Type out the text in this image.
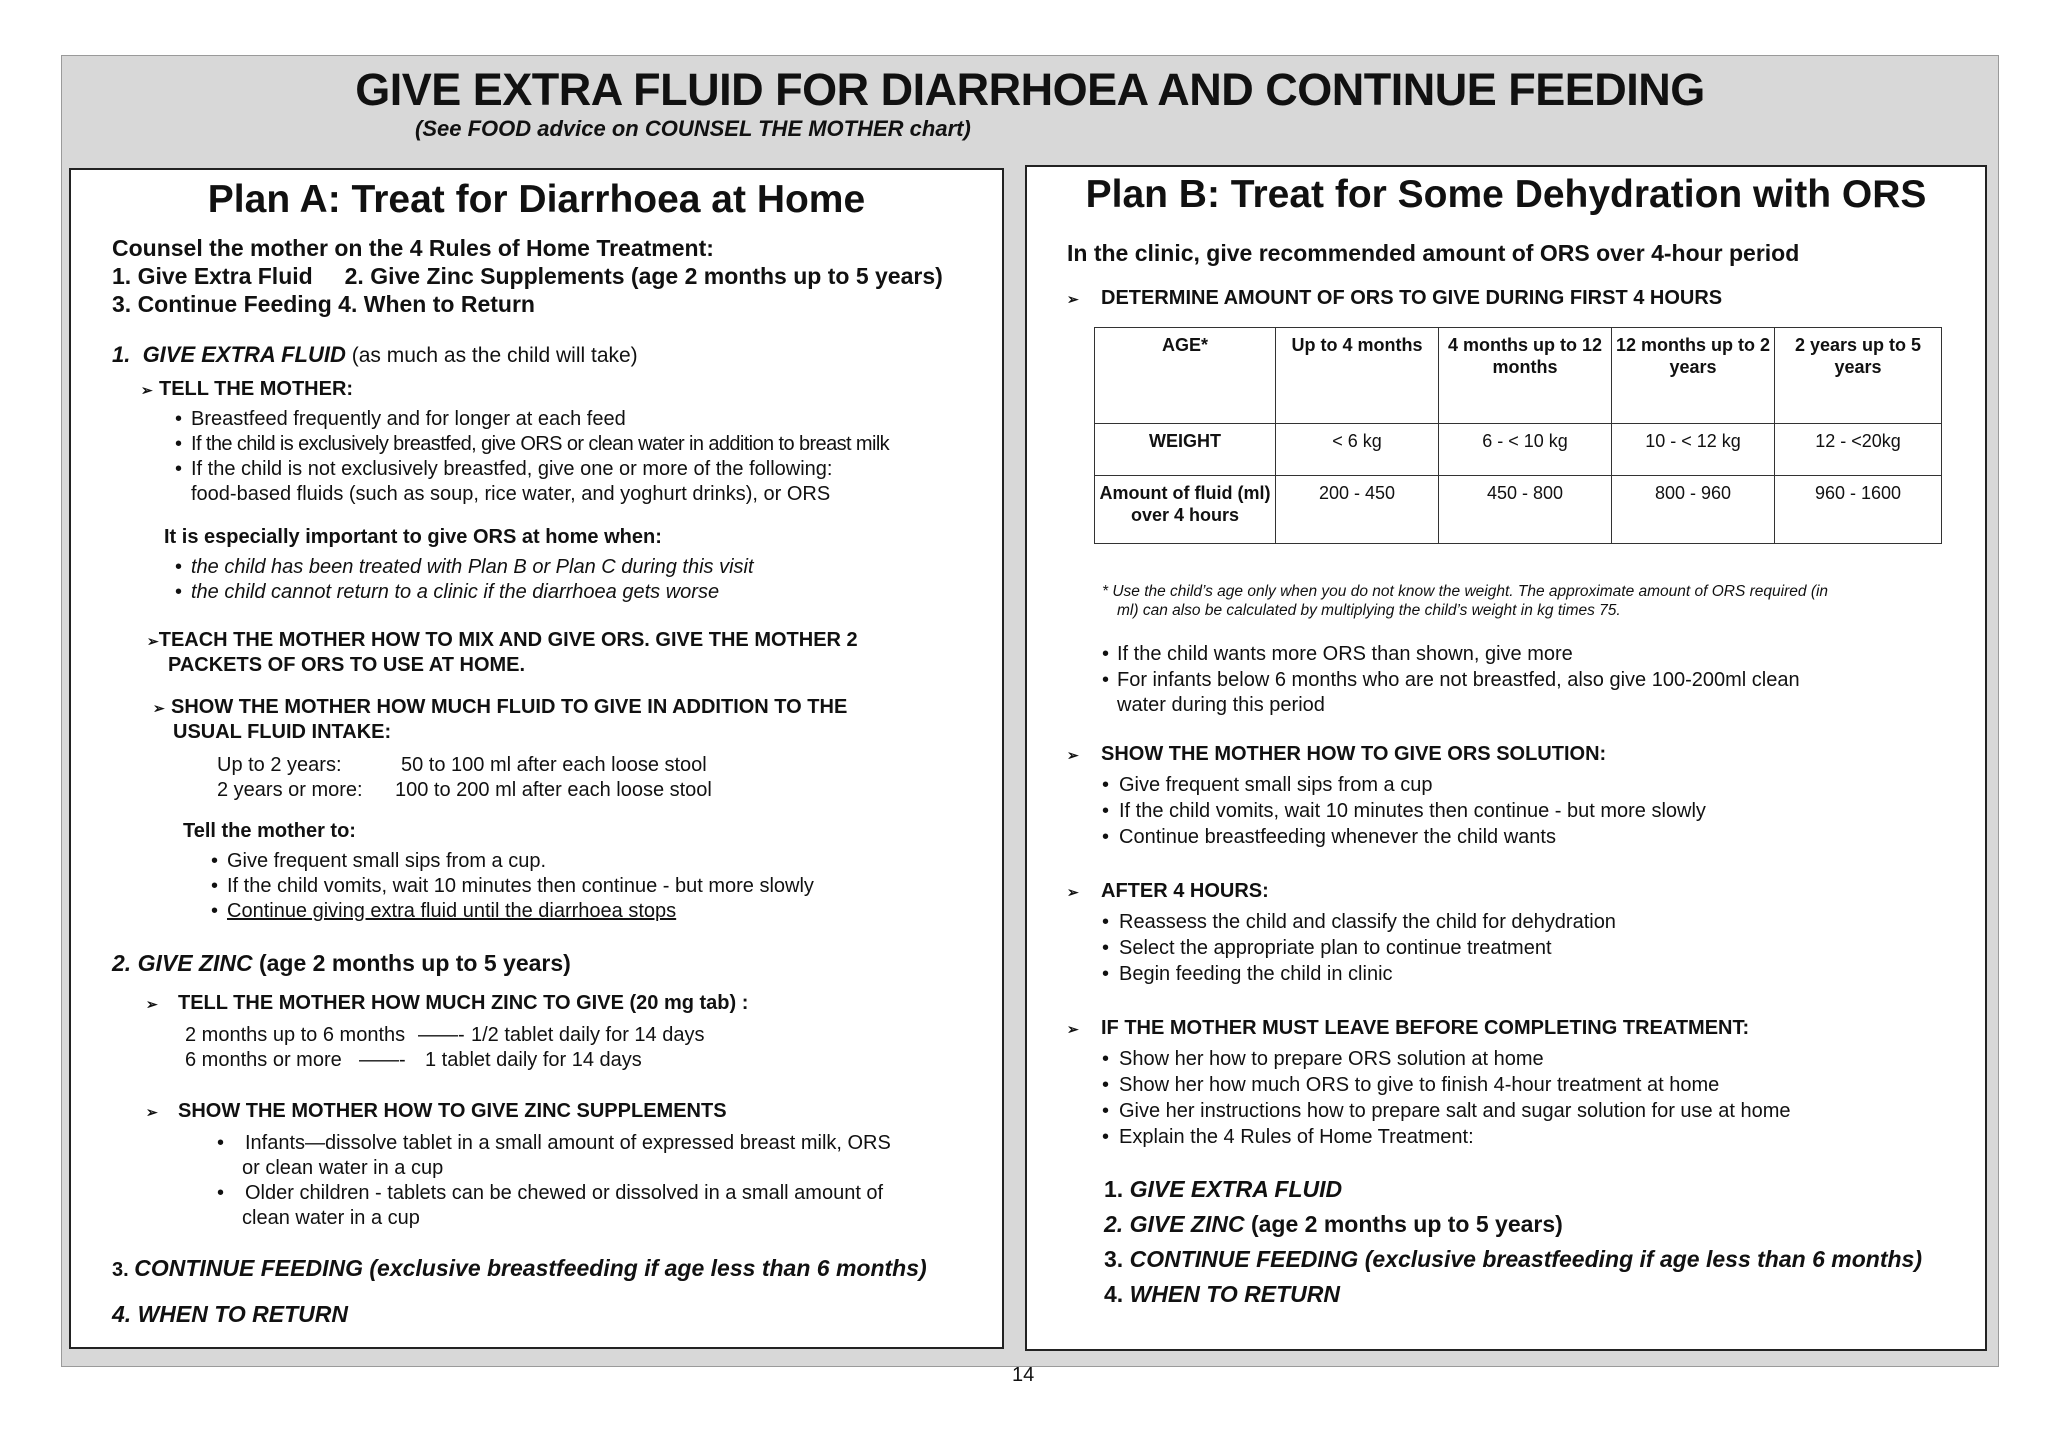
GIVE EXTRA FLUID FOR DIARRHOEA AND CONTINUE FEEDING
(See FOOD advice on COUNSEL THE MOTHER chart)
Plan A: Treat for Diarrhoea at Home
Counsel the mother on the 4 Rules of Home Treatment:
1. Give Extra Fluid     2. Give Zinc Supplements (age 2 months up to 5 years)
3. Continue Feeding 4. When to Return
1.  GIVE EXTRA FLUID (as much as the child will take)
➢ TELL THE MOTHER:
• Breastfeed frequently and for longer at each feed
• If the child is exclusively breastfed, give ORS or clean water in addition to breast milk
• If the child is not exclusively breastfed, give one or more of the following:
food-based fluids (such as soup, rice water, and yoghurt drinks), or ORS
It is especially important to give ORS at home when:
• the child has been treated with Plan B or Plan C during this visit
• the child cannot return to a clinic if the diarrhoea gets worse
➢TEACH THE MOTHER HOW TO MIX AND GIVE ORS. GIVE THE MOTHER 2
PACKETS OF ORS TO USE AT HOME.
➢ SHOW THE MOTHER HOW MUCH FLUID TO GIVE IN ADDITION TO THE
USUAL FLUID INTAKE:
Up to 2 years:	50 to 100 ml after each loose stool
2 years or more: 100 to 200 ml after each loose stool
Tell the mother to:
• Give frequent small sips from a cup.
• If the child vomits, wait 10 minutes then continue - but more slowly
• Continue giving extra fluid until the diarrhoea stops
2. GIVE ZINC (age 2 months up to 5 years)
➢ TELL THE MOTHER HOW MUCH ZINC TO GIVE (20 mg tab) :
2 months up to 6 months ——- 1/2 tablet daily for 14 days
6 months or more ——- 1 tablet daily for 14 days
➢ SHOW THE MOTHER HOW TO GIVE ZINC SUPPLEMENTS
• Infants—dissolve tablet in a small amount of expressed breast milk, ORS
or clean water in a cup
• Older children - tablets can be chewed or dissolved in a small amount of
clean water in a cup
3. CONTINUE FEEDING (exclusive breastfeeding if age less than 6 months)
4. WHEN TO RETURN
Plan B: Treat for Some Dehydration with ORS
In the clinic, give recommended amount of ORS over 4-hour period
➢ DETERMINE AMOUNT OF ORS TO GIVE DURING FIRST 4 HOURS
AGE*	Up to 4 months	4 months up to 12 months	12 months up to 2 years	2 years up to 5 years
WEIGHT	< 6 kg	6 - < 10 kg	10 - < 12 kg	12 - <20kg
Amount of fluid (ml) over 4 hours	200 - 450	450 - 800	800 - 960	960 - 1600
* Use the child’s age only when you do not know the weight. The approximate amount of ORS required (in
ml) can also be calculated by multiplying the child’s weight in kg times 75.
• If the child wants more ORS than shown, give more
• For infants below 6 months who are not breastfed, also give 100-200ml clean
water during this period
➢ SHOW THE MOTHER HOW TO GIVE ORS SOLUTION:
• Give frequent small sips from a cup
• If the child vomits, wait 10 minutes then continue - but more slowly
• Continue breastfeeding whenever the child wants
➢ AFTER 4 HOURS:
• Reassess the child and classify the child for dehydration
• Select the appropriate plan to continue treatment
• Begin feeding the child in clinic
➢ IF THE MOTHER MUST LEAVE BEFORE COMPLETING TREATMENT:
• Show her how to prepare ORS solution at home
• Show her how much ORS to give to finish 4-hour treatment at home
• Give her instructions how to prepare salt and sugar solution for use at home
• Explain the 4 Rules of Home Treatment:
1. GIVE EXTRA FLUID
2. GIVE ZINC (age 2 months up to 5 years)
3. CONTINUE FEEDING (exclusive breastfeeding if age less than 6 months)
4. WHEN TO RETURN
14
